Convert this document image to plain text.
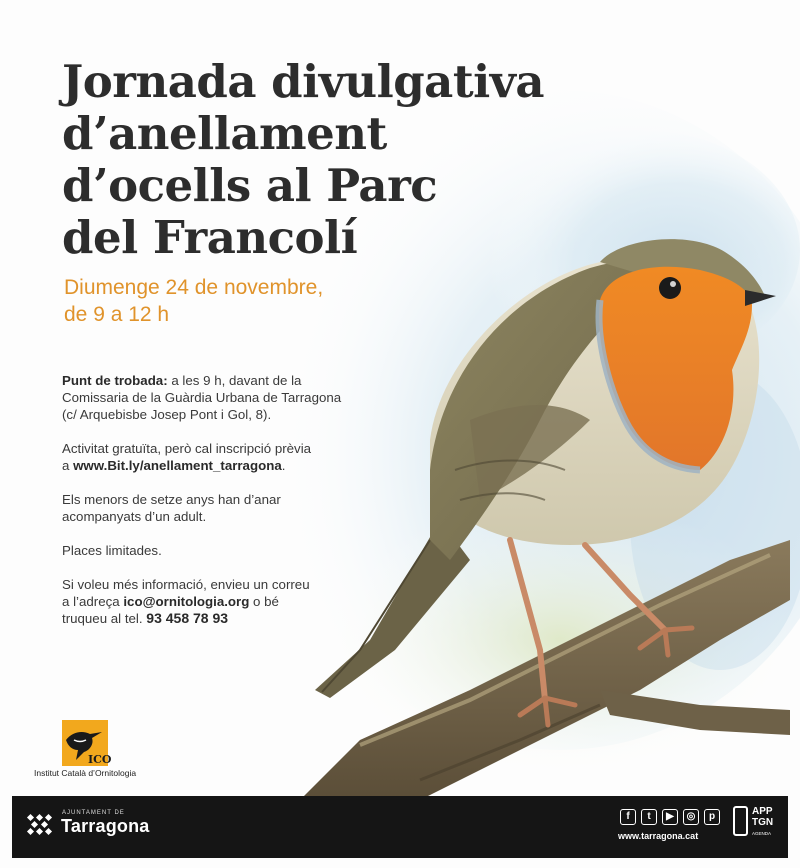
Jornada divulgativa
d’anellament
d’ocells al Parc
del Francolí
Diumenge 24 de novembre,
de 9 a 12 h

Punt de trobada: a les 9 h, davant de la
Comissaria de la Guàrdia Urbana de Tarragona
(c/ Arquebisbe Josep Pont i Gol, 8).

Activitat gratuïta, però cal inscripció prèvia
a www.Bit.ly/anellament_tarragona.

Els menors de setze anys han d’anar
acompanyats d’un adult.

Places limitades.

Si voleu més informació, envieu un correu
a l’adreça ico@ornitologia.org o bé
truqueu al tel. 93 458 78 93

ICO
Institut Català d’Ornitologia
AJUNTAMENT DE
Tarragona	f	t	▶	◎	p
www.tarragona.cat
APP
TGN
AGENDA
